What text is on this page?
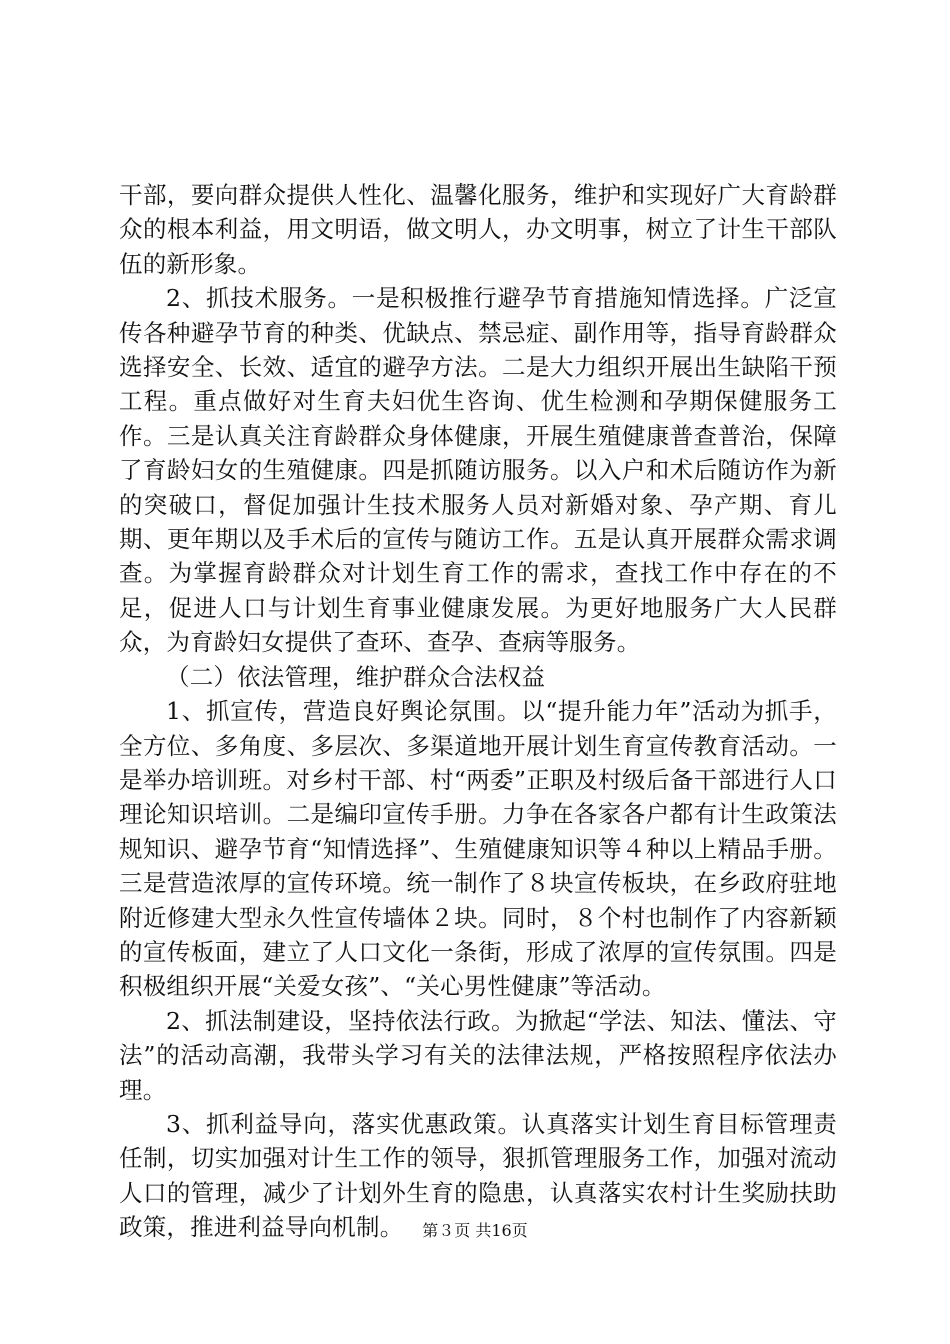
干部，要向群众提供人性化、温馨化服务，维护和实现好广大育龄群众的根本利益，用文明语，做文明人，办文明事，树立了计生干部队伍的新形象。

2、抓技术服务。一是积极推行避孕节育措施知情选择。广泛宣传各种避孕节育的种类、优缺点、禁忌症、副作用等，指导育龄群众选择安全、长效、适宜的避孕方法。二是大力组织开展出生缺陷干预工程。重点做好对生育夫妇优生咨询、优生检测和孕期保健服务工作。三是认真关注育龄群众身体健康，开展生殖健康普查普治，保障了育龄妇女的生殖健康。四是抓随访服务。以入户和术后随访作为新的突破口，督促加强计生技术服务人员对新婚对象、孕产期、育儿期、更年期以及手术后的宣传与随访工作。五是认真开展群众需求调查。为掌握育龄群众对计划生育工作的需求，查找工作中存在的不足，促进人口与计划生育事业健康发展。为更好地服务广大人民群众，为育龄妇女提供了查环、查孕、查病等服务。

（二）依法管理，维护群众合法权益

1、抓宣传，营造良好舆论氛围。以“提升能力年”活动为抓手，全方位、多角度、多层次、多渠道地开展计划生育宣传教育活动。一是举办培训班。对乡村干部、村“两委”正职及村级后备干部进行人口理论知识培训。二是编印宣传手册。力争在各家各户都有计生政策法规知识、避孕节育“知情选择”、生殖健康知识等４种以上精品手册。三是营造浓厚的宣传环境。统一制作了８块宣传板块，在乡政府驻地附近修建大型永久性宣传墙体２块。同时，８个村也制作了内容新颖的宣传板面，建立了人口文化一条街，形成了浓厚的宣传氛围。四是积极组织开展“关爱女孩”、“关心男性健康”等活动。

2、抓法制建设，坚持依法行政。为掀起“学法、知法、懂法、守法”的活动高潮，我带头学习有关的法律法规，严格按照程序依法办理。

3、抓利益导向，落实优惠政策。认真落实计划生育目标管理责任制，切实加强对计生工作的领导，狠抓管理服务工作，加强对流动人口的管理，减少了计划外生育的隐患，认真落实农村计生奖励扶助政策，推进利益导向机制。	第３页 共16页
